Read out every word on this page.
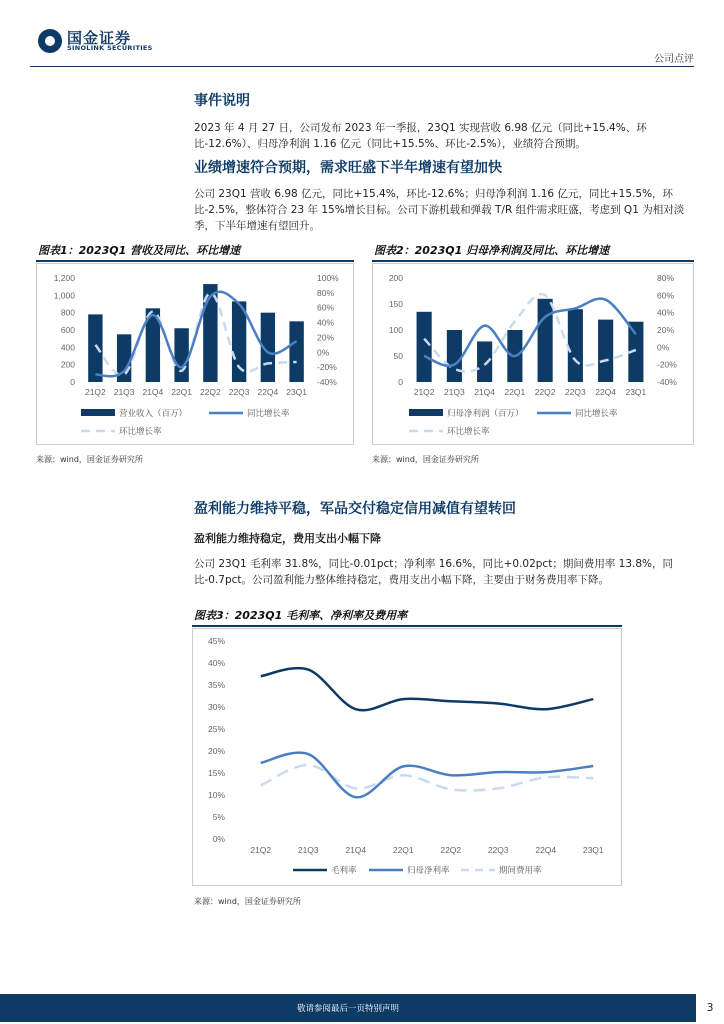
国金证券
SINOLINK SECURITIES
公司点评
事件说明
2023 年 4 月 27 日，公司发布 2023 年一季报，23Q1 实现营收 6.98 亿元（同比+15.4%、环比-12.6%）、归母净利润 1.16 亿元（同比+15.5%、环比-2.5%），业绩符合预期。
业绩增速符合预期，需求旺盛下半年增速有望加快
公司 23Q1 营收 6.98 亿元，同比+15.4%，环比-12.6%；归母净利润 1.16 亿元，同比+15.5%，环比-2.5%，整体符合 23 年 15%增长目标。公司下游机载和弹载 T/R 组件需求旺盛，考虑到 Q1 为相对淡季，下半年增速有望回升。
图表1：2023Q1 营收及同比、环比增速
0
200
400
600
800
1,000
1,200
-40%
-20%
0%
20%
40%
60%
80%
100%
21Q2 21Q3 21Q4 22Q1 22Q2 22Q3 22Q4 23Q1
营业收入（百万）	同比增长率
环比增长率
来源：wind，国金证券研究所
图表2：2023Q1 归母净利润及同比、环比增速
0
50
100
150
200
-40%
-20%
0%
20%
40%
60%
80%
21Q2 21Q3 21Q4 22Q1 22Q2 22Q3 22Q4 23Q1
归母净利润（百万）	同比增长率
环比增长率
来源：wind，国金证券研究所
盈利能力维持平稳，军品交付稳定信用减值有望转回
盈利能力维持稳定，费用支出小幅下降
公司 23Q1 毛利率 31.8%，同比-0.01pct；净利率 16.6%，同比+0.02pct；期间费用率 13.8%，同比-0.7pct。公司盈利能力整体维持稳定，费用支出小幅下降，主要由于财务费用率下降。
图表3：2023Q1 毛利率、净利率及费用率
0%
5%
10%
15%
20%
25%
30%
35%
40%
45%
21Q2	21Q3	21Q4	22Q1	22Q2	22Q3	22Q4	23Q1
毛利率	归母净利率	期间费用率
来源：wind，国金证券研究所
敬请参阅最后一页特别声明	3
